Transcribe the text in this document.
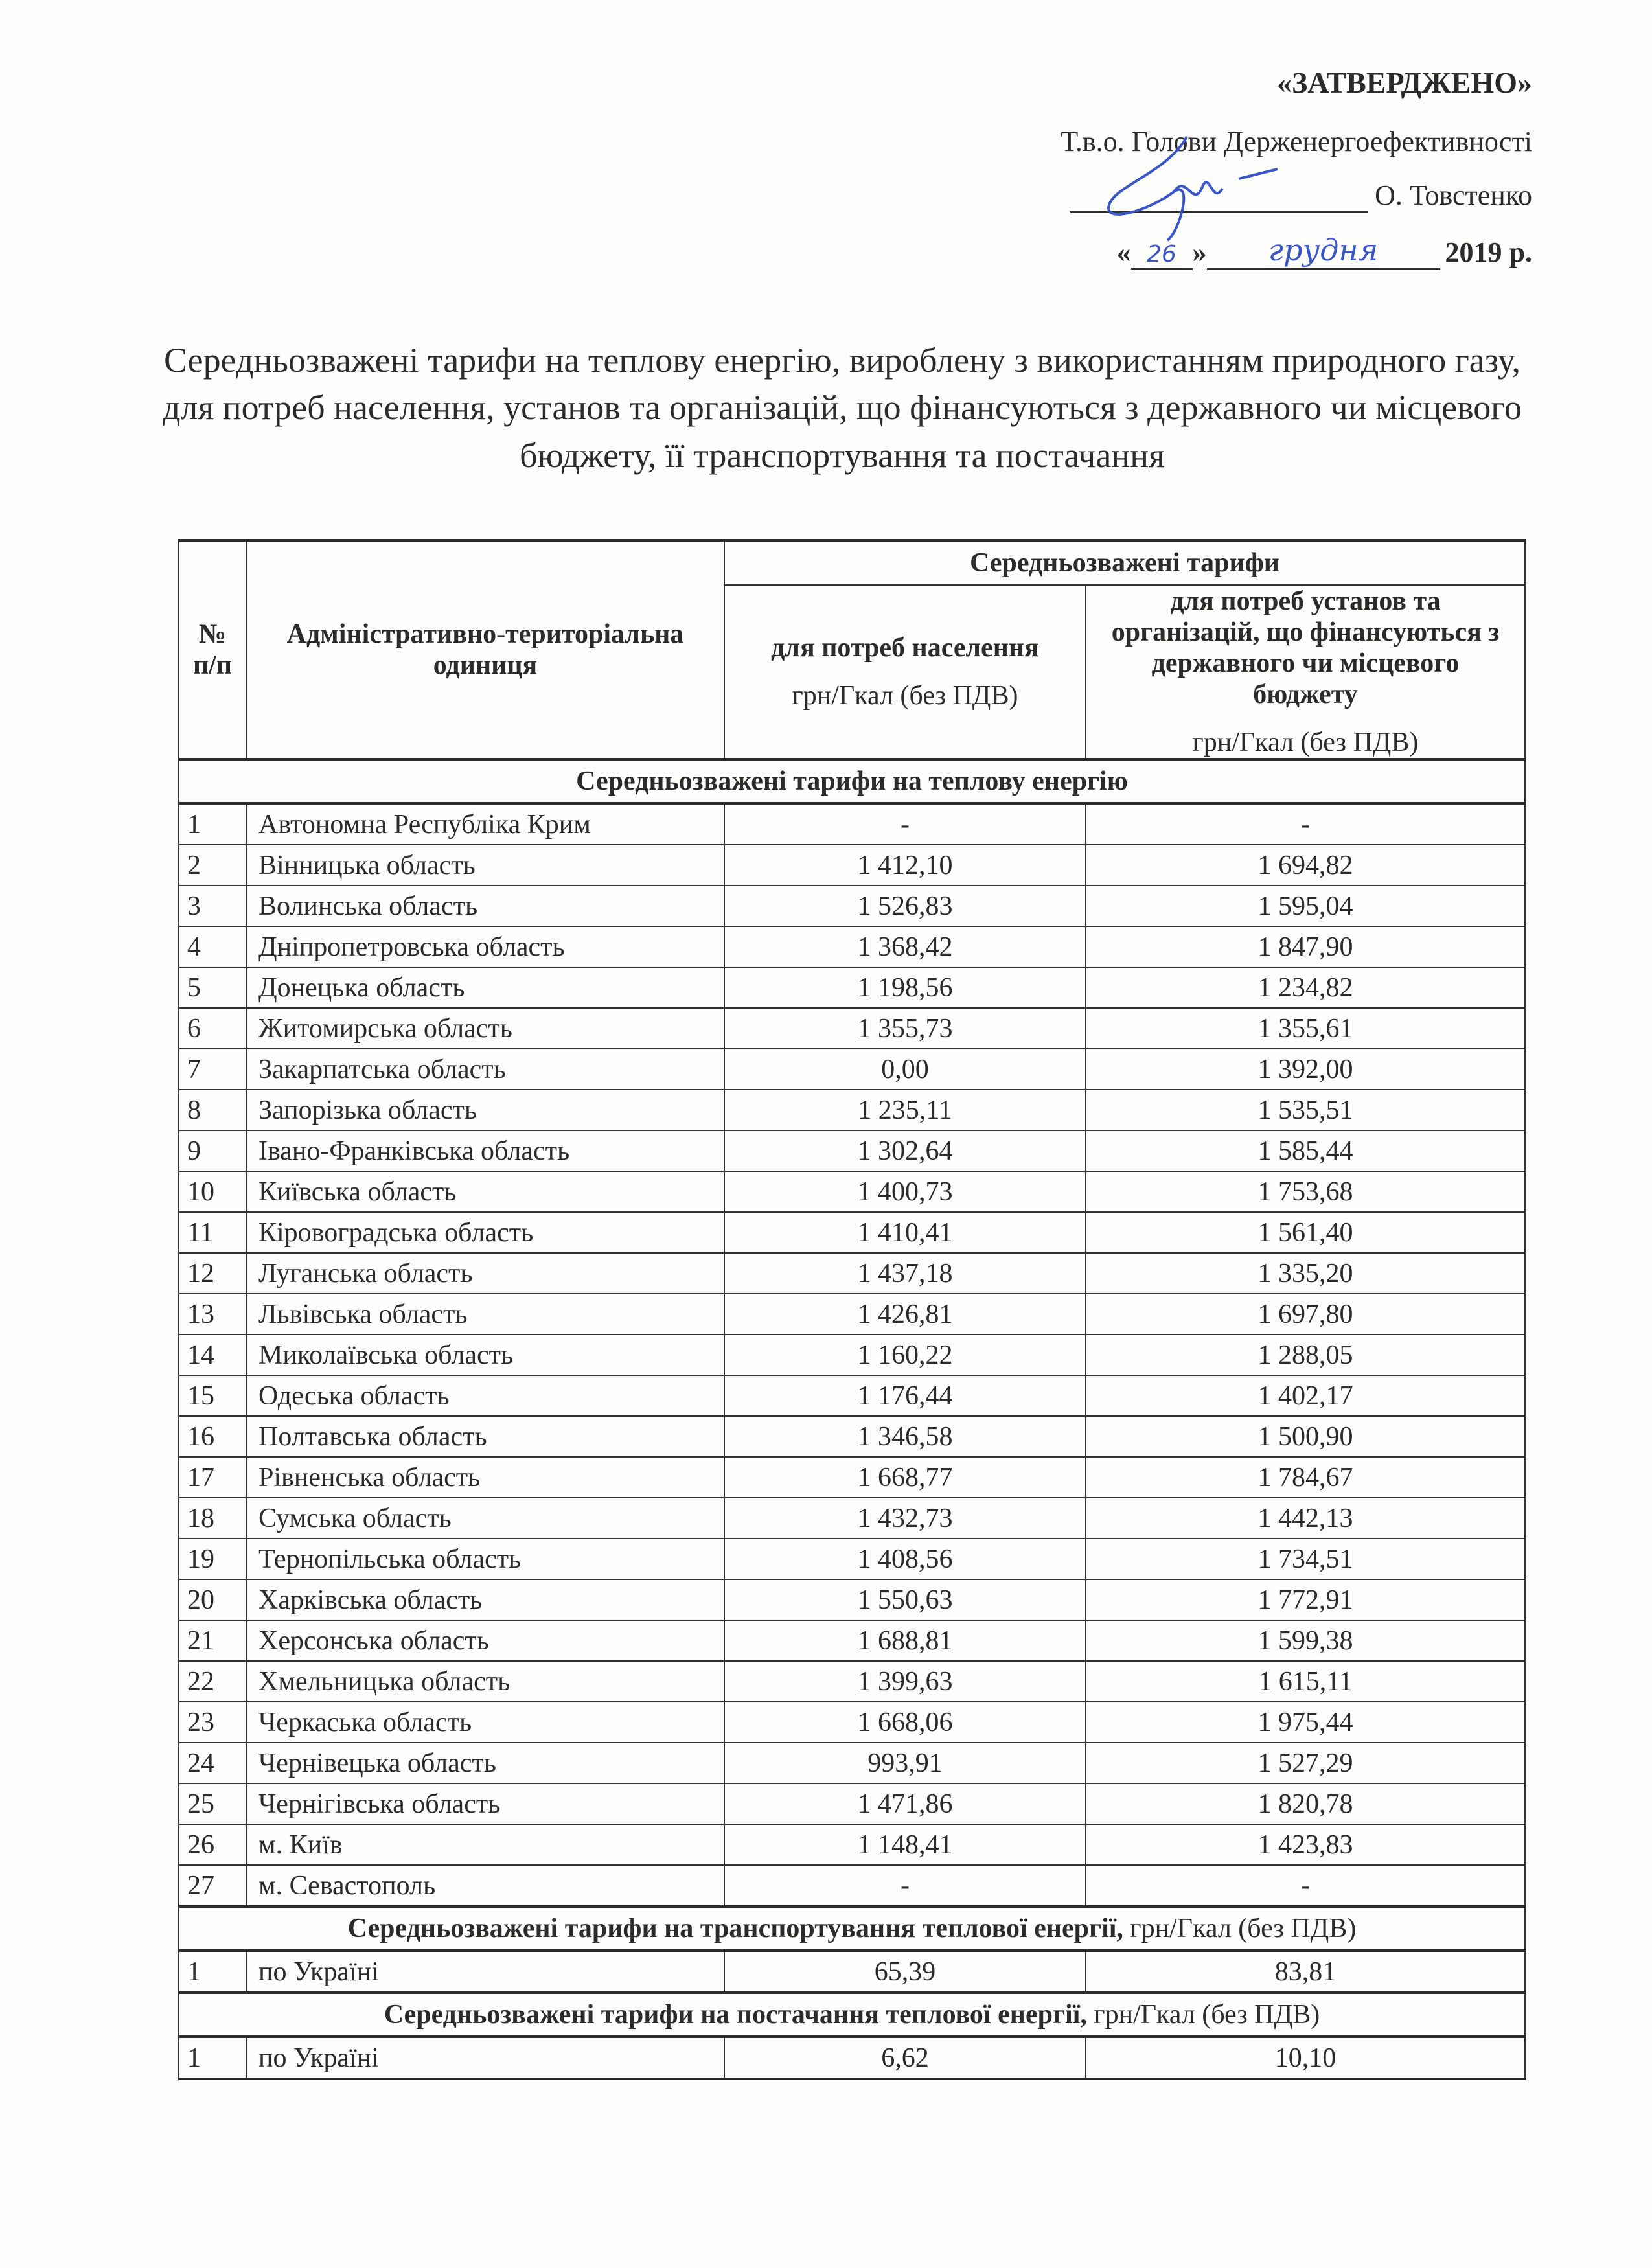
«ЗАТВЕРДЖЕНО»
Т.в.о. Голови Держенергоефективності
О. Товстенко
« 26 »	грудня	2019 р.
Середньозважені тарифи на теплову енергію, вироблену з використанням природного газу, для потреб населення, установ та організацій, що фінансуються з державного чи місцевого бюджету, її транспортування та постачання
№ п/п	Адміністративно-територіальна одиниця	Середньозважені тарифи	

для потреб населення
грн/Гкал (без ПДВ)

для потреб установ та організацій, що фінансуються з державного чи місцевого бюджету
грн/Гкал (без ПДВ)

Середньозважені тарифи на теплову енергію			
1	Автономна Республіка Крим	-	-
2	Вінницька область	1 412,10	1 694,82
3	Волинська область	1 526,83	1 595,04
4	Дніпропетровська область	1 368,42	1 847,90
5	Донецька область	1 198,56	1 234,82
6	Житомирська область	1 355,73	1 355,61
7	Закарпатська область	0,00	1 392,00
8	Запорізька область	1 235,11	1 535,51
9	Івано-Франківська область	1 302,64	1 585,44
10	Київська область	1 400,73	1 753,68
11	Кіровоградська область	1 410,41	1 561,40
12	Луганська область	1 437,18	1 335,20
13	Львівська область	1 426,81	1 697,80
14	Миколаївська область	1 160,22	1 288,05
15	Одеська область	1 176,44	1 402,17
16	Полтавська область	1 346,58	1 500,90
17	Рівненська область	1 668,77	1 784,67
18	Сумська область	1 432,73	1 442,13
19	Тернопільська область	1 408,56	1 734,51
20	Харківська область	1 550,63	1 772,91
21	Херсонська область	1 688,81	1 599,38
22	Хмельницька область	1 399,63	1 615,11
23	Черкаська область	1 668,06	1 975,44
24	Чернівецька область	993,91	1 527,29
25	Чернігівська область	1 471,86	1 820,78
26	м. Київ	1 148,41	1 423,83
27	м. Севастополь	-	-
Середньозважені тарифи на транспортування теплової енергії, грн/Гкал (без ПДВ)			
1	по Україні	65,39	83,81
Середньозважені тарифи на постачання теплової енергії, грн/Гкал (без ПДВ)			
1	по Україні	6,62	10,10
